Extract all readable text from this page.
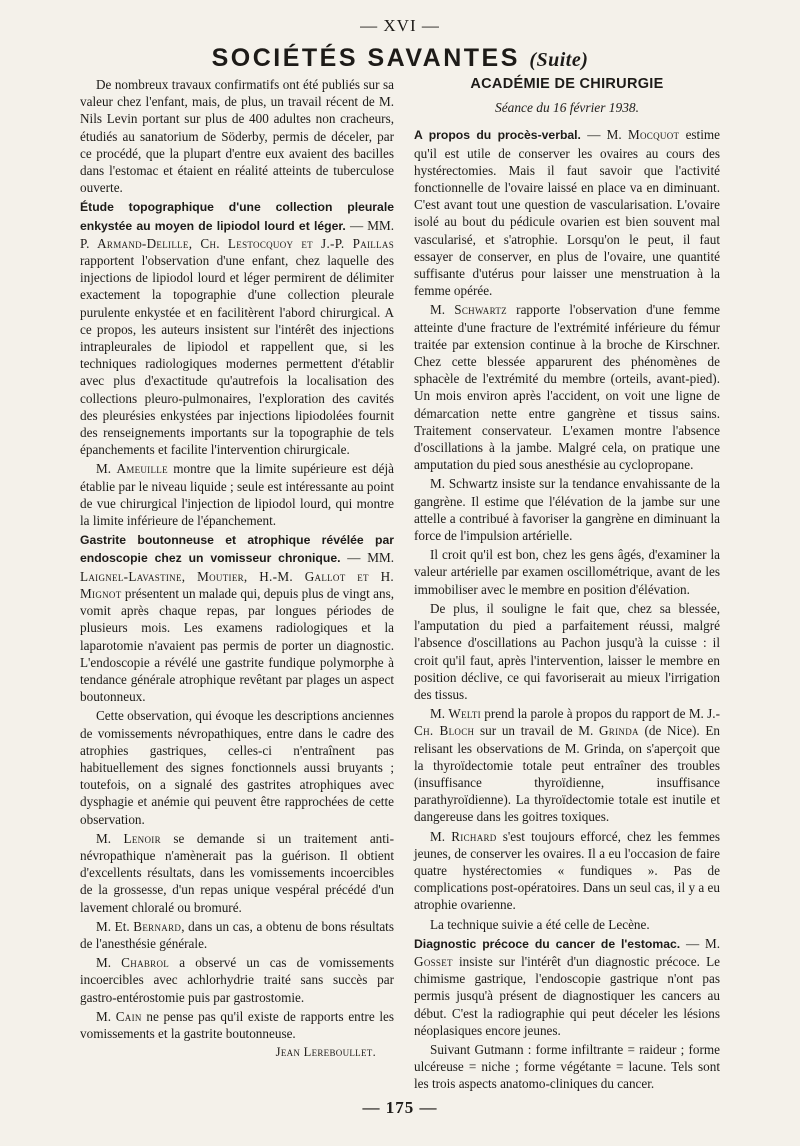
— XVI —
SOCIÉTÉS SAVANTES (Suite)

De nombreux travaux confirmatifs ont été publiés sur sa valeur chez l'enfant, mais, de plus, un travail récent de M. Nils Levin portant sur plus de 400 adultes non cracheurs, étudiés au sanatorium de Söderby, permis de déceler, par ce procédé, que la plupart d'entre eux avaient des bacilles dans l'estomac et étaient en réalité atteints de tuberculose ouverte.

Étude topographique d'une collection pleurale enkystée au moyen de lipiodol lourd et léger. — MM. P. Armand-Delille, Ch. Lestocquoy et J.-P. Paillas rapportent l'observation d'une enfant, chez laquelle des injections de lipiodol lourd et léger permirent de délimiter exactement la topographie d'une collection pleurale purulente enkystée et en facilitèrent l'abord chirurgical. A ce propos, les auteurs insistent sur l'intérêt des injections intrapleurales de lipiodol et rappellent que, si les techniques radiologiques modernes permettent d'établir avec plus d'exactitude qu'autrefois la localisation des collections pleuro-pulmonaires, l'exploration des cavités des pleurésies enkystées par injections lipiodolées fournit des renseignements importants sur la topographie de tels épanchements et facilite l'intervention chirurgicale.

M. Ameuille montre que la limite supérieure est déjà établie par le niveau liquide ; seule est intéressante au point de vue chirurgical l'injection de lipiodol lourd, qui montre la limite inférieure de l'épanchement.

Gastrite boutonneuse et atrophique révélée par endoscopie chez un vomisseur chronique. — MM. Laignel-Lavastine, Moutier, H.-M. Gallot et H. Mignot présentent un malade qui, depuis plus de vingt ans, vomit après chaque repas, par longues périodes de plusieurs mois. Les examens radiologiques et la laparotomie n'avaient pas permis de porter un diagnostic. L'endoscopie a révélé une gastrite fundique polymorphe à tendance générale atrophique revêtant par plages un aspect boutonneux.

Cette observation, qui évoque les descriptions anciennes de vomissements névropathiques, entre dans le cadre des atrophies gastriques, celles-ci n'entraînent pas habituellement des signes fonctionnels aussi bruyants ; toutefois, on a signalé des gastrites atrophiques avec dysphagie et anémie qui peuvent être rapprochées de cette observation.

M. Lenoir se demande si un traitement anti-névropathique n'amènerait pas la guérison. Il obtient d'excellents résultats, dans les vomissements incoercibles de la grossesse, d'un repas unique vespéral précédé d'un lavement chloralé ou bromuré.

M. Et. Bernard, dans un cas, a obtenu de bons résultats de l'anesthésie générale.

M. Chabrol a observé un cas de vomissements incoercibles avec achlorhydrie traité sans succès par gastro-entérostomie puis par gastrostomie.

M. Cain ne pense pas qu'il existe de rapports entre les vomissements et la gastrite boutonneuse.

Jean Lereboullet.
ACADÉMIE DE CHIRURGIE
Séance du 16 février 1938.

A propos du procès-verbal. — M. Mocquot estime qu'il est utile de conserver les ovaires au cours des hystérectomies. Mais il faut savoir que l'activité fonctionnelle de l'ovaire laissé en place va en diminuant. C'est avant tout une question de vascularisation. L'ovaire isolé au bout du pédicule ovarien est bien souvent mal vascularisé, et s'atrophie. Lorsqu'on le peut, il faut essayer de conserver, en plus de l'ovaire, une quantité suffisante d'utérus pour laisser une menstruation à la femme opérée.

M. Schwartz rapporte l'observation d'une femme atteinte d'une fracture de l'extrémité inférieure du fémur traitée par extension continue à la broche de Kirschner. Chez cette blessée apparurent des phénomènes de sphacèle de l'extrémité du membre (orteils, avant-pied). Un mois environ après l'accident, on voit une ligne de démarcation nette entre gangrène et tissus sains. Traitement conservateur. L'examen montre l'absence d'oscillations à la jambe. Malgré cela, on pratique une amputation du pied sous anesthésie au cyclopropane.

M. Schwartz insiste sur la tendance envahissante de la gangrène. Il estime que l'élévation de la jambe sur une attelle a contribué à favoriser la gangrène en diminuant la force de l'impulsion artérielle.

Il croit qu'il est bon, chez les gens âgés, d'examiner la valeur artérielle par examen oscillométrique, avant de les immobiliser avec le membre en position d'élévation.

De plus, il souligne le fait que, chez sa blessée, l'amputation du pied a parfaitement réussi, malgré l'absence d'oscillations au Pachon jusqu'à la cuisse : il croit qu'il faut, après l'intervention, laisser le membre en position déclive, ce qui favoriserait au mieux l'irrigation des tissus.

M. Welti prend la parole à propos du rapport de M. J.-Ch. Bloch sur un travail de M. Grinda (de Nice). En relisant les observations de M. Grinda, on s'aperçoit que la thyroïdectomie totale peut entraîner des troubles (insuffisance thyroïdienne, insuffisance parathyroïdienne). La thyroïdectomie totale est inutile et dangereuse dans les goitres toxiques.

M. Richard s'est toujours efforcé, chez les femmes jeunes, de conserver les ovaires. Il a eu l'occasion de faire quatre hystérectomies « fundiques ». Pas de complications post-opératoires. Dans un seul cas, il y a eu atrophie ovarienne.

La technique suivie a été celle de Lecène.

Diagnostic précoce du cancer de l'estomac. — M. Gosset insiste sur l'intérêt d'un diagnostic précoce. Le chimisme gastrique, l'endoscopie gastrique n'ont pas permis jusqu'à présent de diagnostiquer les cancers au début. C'est la radiographie qui peut déceler les lésions néoplasiques encore jeunes.

Suivant Gutmann : forme infiltrante = raideur ; forme ulcéreuse = niche ; forme végétante = lacune. Tels sont les trois aspects anatomo-cliniques du cancer.

— 175 —
